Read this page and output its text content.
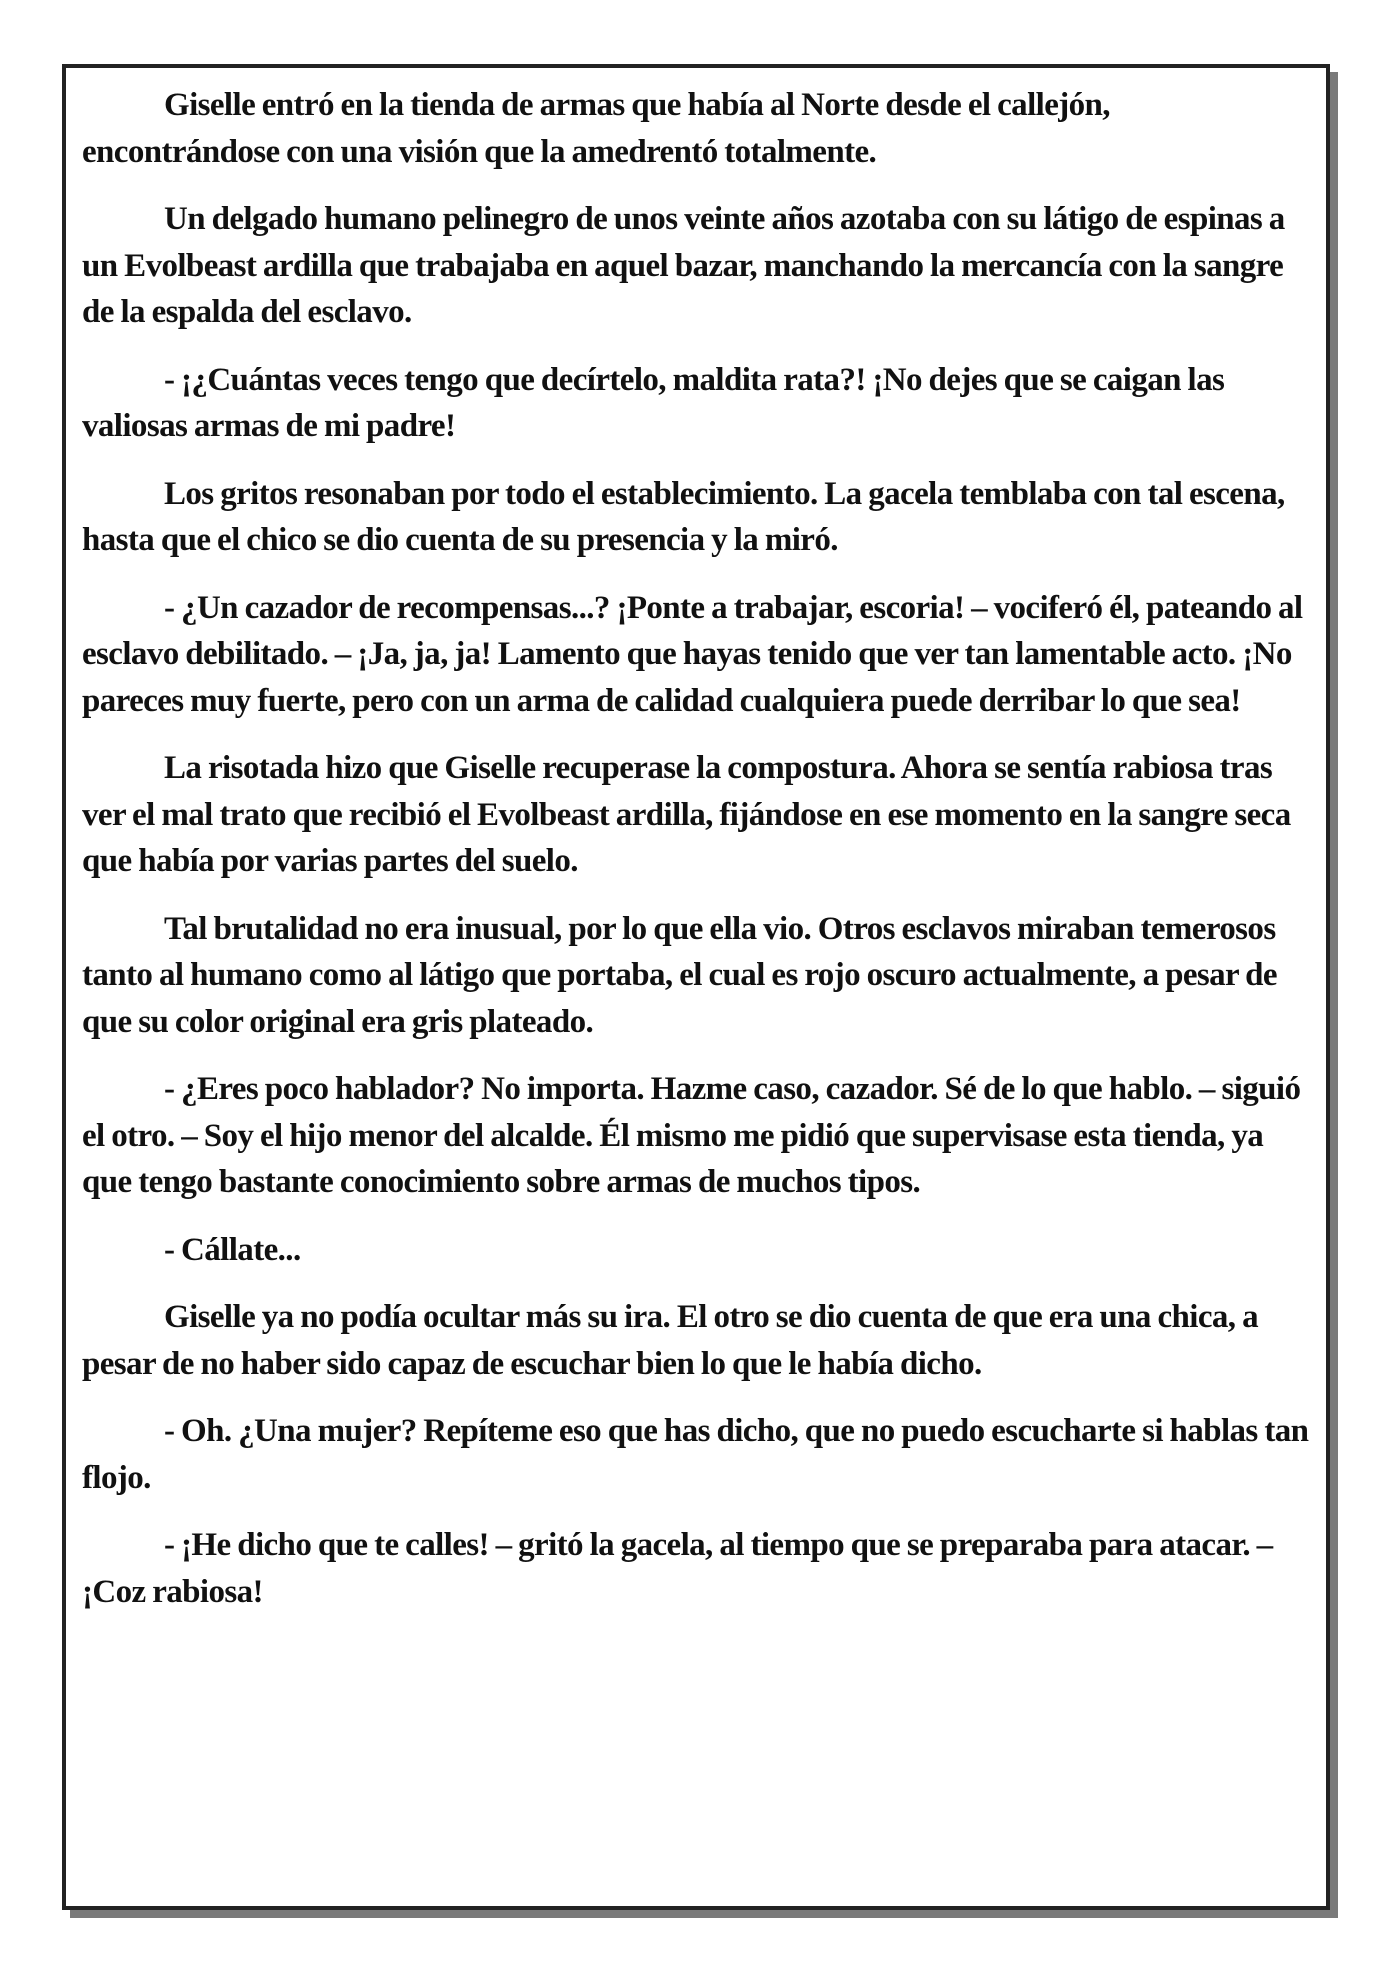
Giselle entró en la tienda de armas que había al Norte desde el callejón, encontrándose con una visión que la amedrentó totalmente.

Un delgado humano pelinegro de unos veinte años azotaba con su látigo de espinas a un Evolbeast ardilla que trabajaba en aquel bazar, manchando la mercancía con la sangre de la espalda del esclavo.

- ¡¿Cuántas veces tengo que decírtelo, maldita rata?! ¡No dejes que se caigan las valiosas armas de mi padre!

Los gritos resonaban por todo el establecimiento. La gacela temblaba con tal escena, hasta que el chico se dio cuenta de su presencia y la miró.

- ¿Un cazador de recompensas...? ¡Ponte a trabajar, escoria! – vociferó él, pateando al esclavo debilitado. – ¡Ja, ja, ja! Lamento que hayas tenido que ver tan lamentable acto. ¡No pareces muy fuerte, pero con un arma de calidad cualquiera puede derribar lo que sea!

La risotada hizo que Giselle recuperase la compostura. Ahora se sentía rabiosa tras ver el mal trato que recibió el Evolbeast ardilla, fijándose en ese momento en la sangre seca que había por varias partes del suelo.

Tal brutalidad no era inusual, por lo que ella vio. Otros esclavos miraban temerosos tanto al humano como al látigo que portaba, el cual es rojo oscuro actualmente, a pesar de que su color original era gris plateado.

- ¿Eres poco hablador? No importa. Hazme caso, cazador. Sé de lo que hablo. – siguió el otro. – Soy el hijo menor del alcalde. Él mismo me pidió que supervisase esta tienda, ya que tengo bastante conocimiento sobre armas de muchos tipos.

- Cállate...

Giselle ya no podía ocultar más su ira. El otro se dio cuenta de que era una chica, a pesar de no haber sido capaz de escuchar bien lo que le había dicho.

- Oh. ¿Una mujer? Repíteme eso que has dicho, que no puedo escucharte si hablas tan flojo.

- ¡He dicho que te calles! – gritó la gacela, al tiempo que se preparaba para atacar. – ¡Coz rabiosa!
